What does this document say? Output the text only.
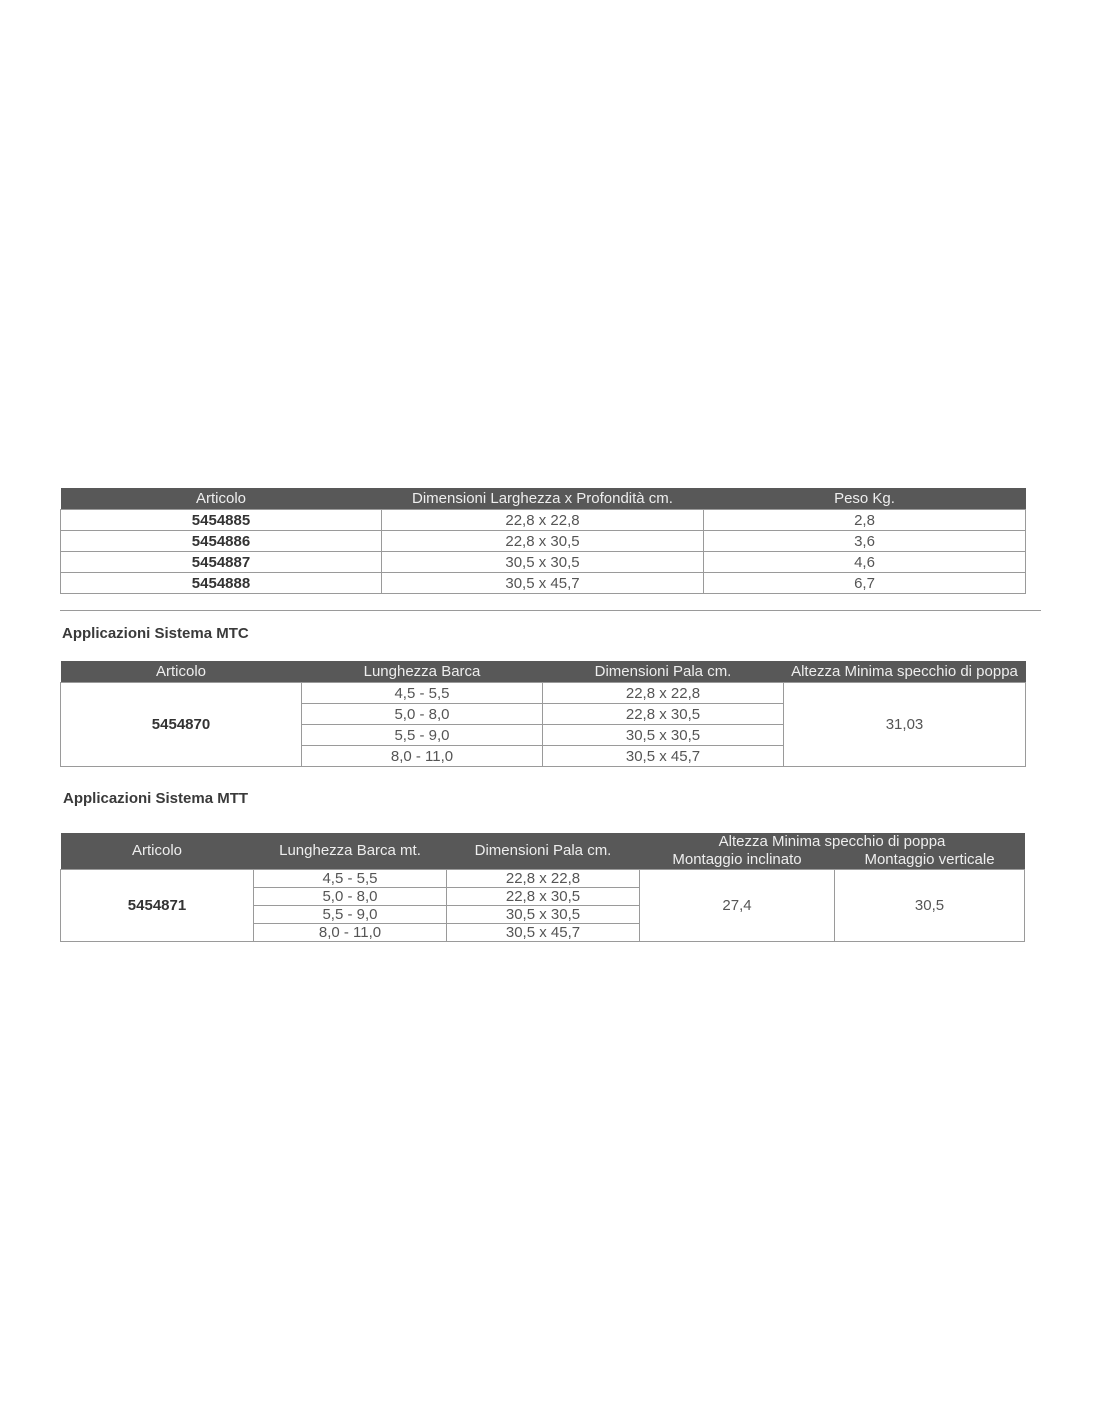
Articolo	Dimensioni Larghezza x Profondità cm.	Peso Kg.
5454885	22,8 x 22,8	2,8
5454886	22,8 x 30,5	3,6
5454887	30,5 x 30,5	4,6
5454888	30,5 x 45,7	6,7
Applicazioni Sistema MTC
Articolo	Lunghezza Barca	Dimensioni Pala cm.	Altezza Minima specchio di poppa
5454870	4,5 - 5,5	22,8 x 22,8	31,03
	5,0 - 8,0	22,8 x 30,5	
	5,5 - 9,0	30,5 x 30,5	
	8,0 - 11,0	30,5 x 45,7	
Applicazioni Sistema MTT
Articolo	Lunghezza Barca mt.	Dimensioni Pala cm.	Altezza Minima specchio di poppa	
			Montaggio inclinato	Montaggio verticale
5454871	4,5 - 5,5	22,8 x 22,8	27,4	30,5
	5,0 - 8,0	22,8 x 30,5		
	5,5 - 9,0	30,5 x 30,5		
	8,0 - 11,0	30,5 x 45,7		
